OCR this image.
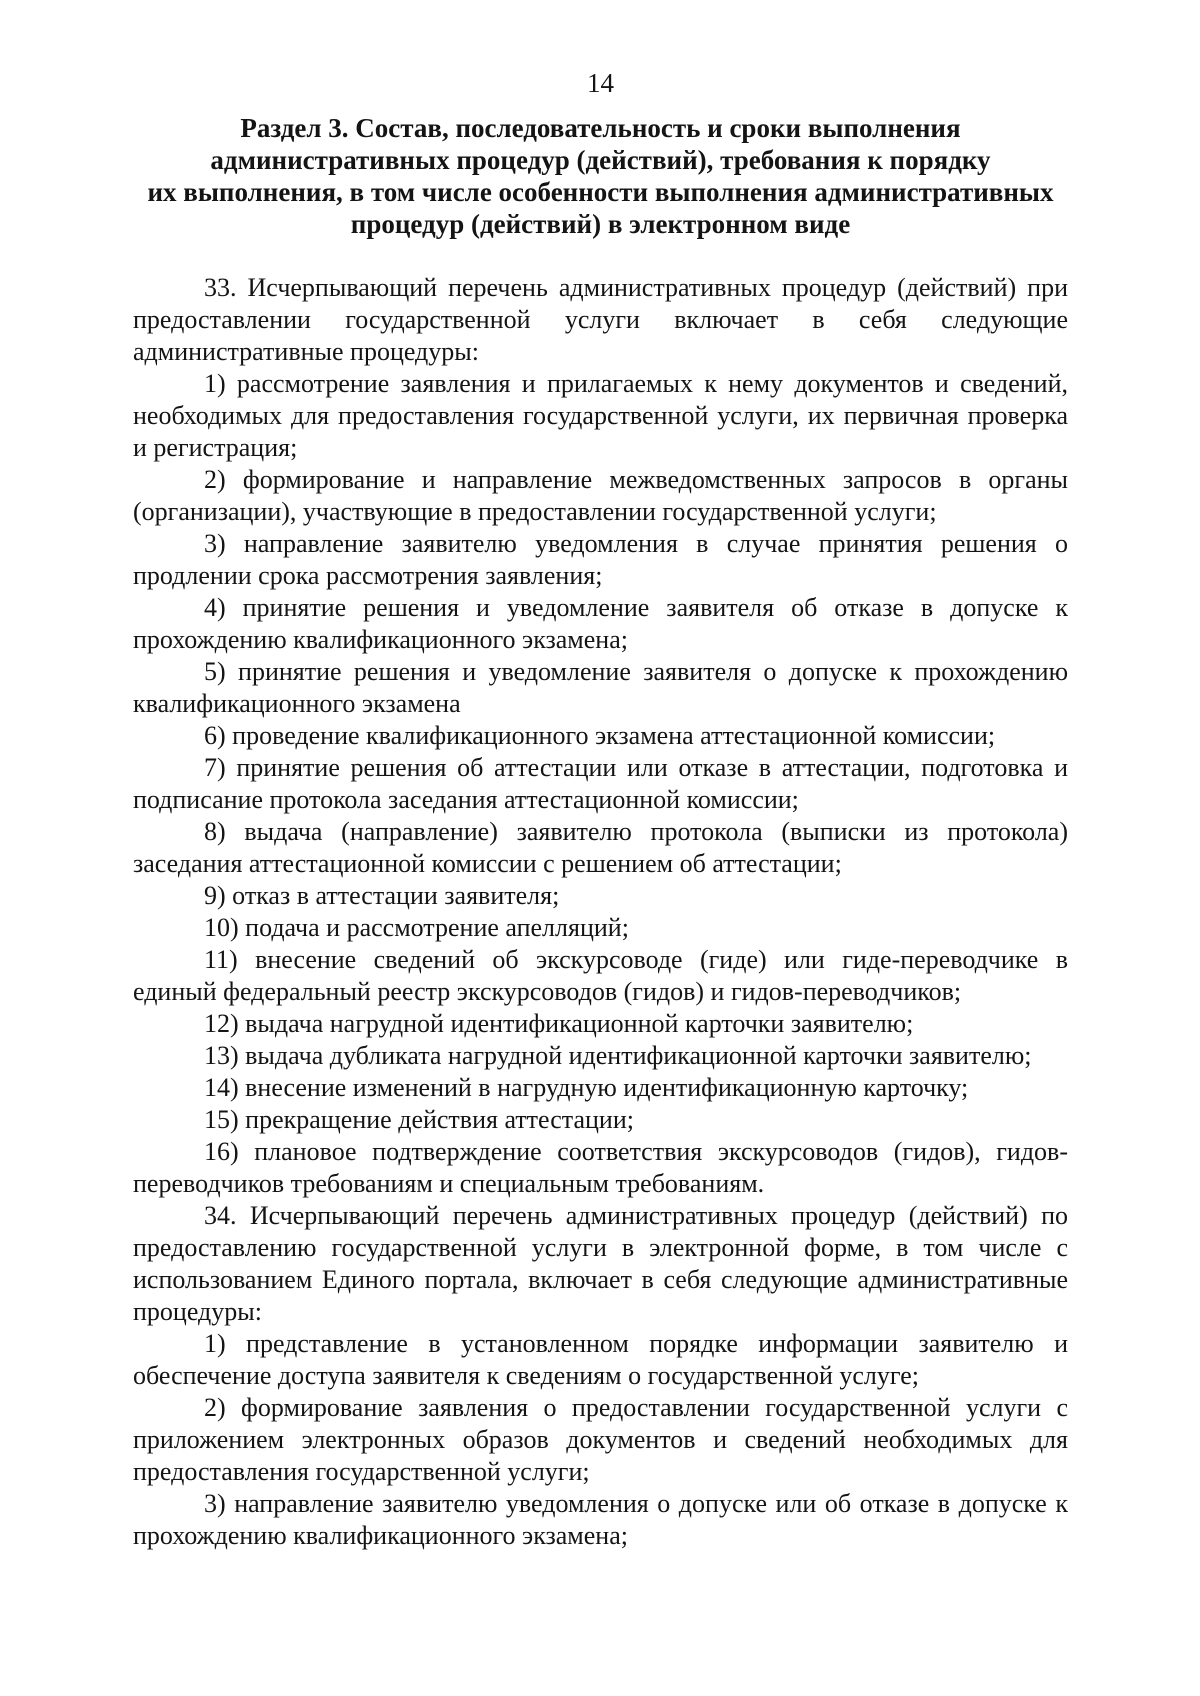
14
Раздел 3. Состав, последовательность и сроки выполнения
административных процедур (действий), требования к порядку
их выполнения, в том числе особенности выполнения административных
процедур (действий) в электронном виде

33. Исчерпывающий перечень административных процедур (действий) при предоставлении государственной услуги включает в себя следующие административные процедуры:

1) рассмотрение заявления и прилагаемых к нему документов и сведений, необходимых для предоставления государственной услуги, их первичная проверка и регистрация;

2) формирование и направление межведомственных запросов в органы (организации), участвующие в предоставлении государственной услуги;

3) направление заявителю уведомления в случае принятия решения о продлении срока рассмотрения заявления;

4) принятие решения и уведомление заявителя об отказе в допуске к прохождению квалификационного экзамена;

5) принятие решения и уведомление заявителя о допуске к прохождению квалификационного экзамена

6) проведение квалификационного экзамена аттестационной комиссии;

7) принятие решения об аттестации или отказе в аттестации, подготовка и подписание протокола заседания аттестационной комиссии;

8) выдача (направление) заявителю протокола (выписки из протокола) заседания аттестационной комиссии с решением об аттестации;

9) отказ в аттестации заявителя;

10) подача и рассмотрение апелляций;

11) внесение сведений об экскурсоводе (гиде) или гиде-переводчике в единый федеральный реестр экскурсоводов (гидов) и гидов-переводчиков;

12) выдача нагрудной идентификационной карточки заявителю;

13) выдача дубликата нагрудной идентификационной карточки заявителю;

14) внесение изменений в нагрудную идентификационную карточку;

15) прекращение действия аттестации;

16) плановое подтверждение соответствия экскурсоводов (гидов), гидов-переводчиков требованиям и специальным требованиям.

34. Исчерпывающий перечень административных процедур (действий) по предоставлению государственной услуги в электронной форме, в том числе с использованием Единого портала, включает в себя следующие административные процедуры:

1) представление в установленном порядке информации заявителю и обеспечение доступа заявителя к сведениям о государственной услуге;

2) формирование заявления о предоставлении государственной услуги с приложением электронных образов документов и сведений необходимых для предоставления государственной услуги;

3) направление заявителю уведомления о допуске или об отказе в допуске к прохождению квалификационного экзамена;
